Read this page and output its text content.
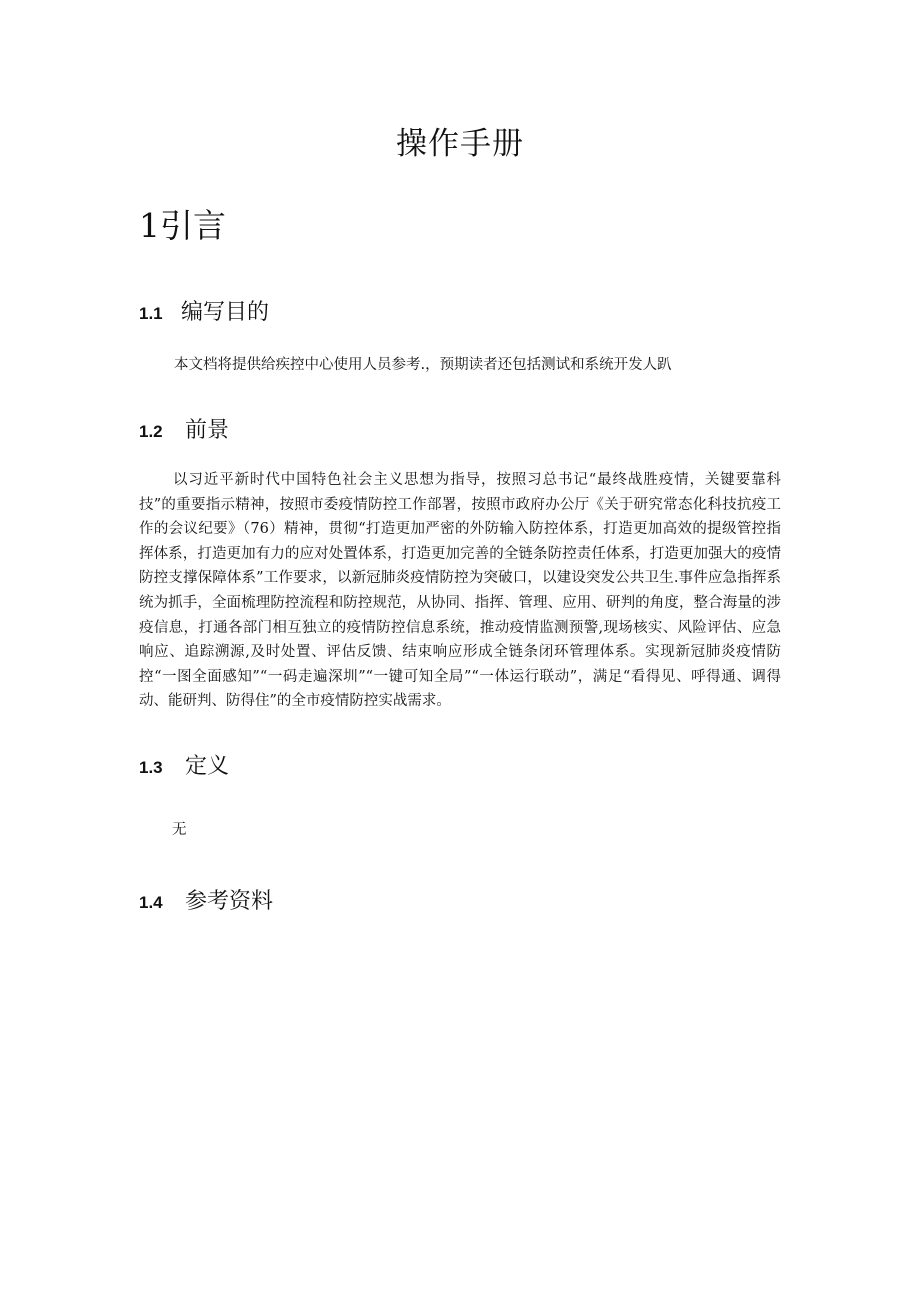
操作手册
1引言
1.1 编写目的

本文档将提供给疾控中心使用人员参考.，预期读者还包括测试和系统开发人趴

1.2	前景

以习近平新时代中国特色社会主义思想为指导，按照习总书记“最终战胜疫情，关键要靠科技”的重要指示精神，按照市委疫情防控工作部署，按照市政府办公厅《关于研究常态化科技抗疫工作的会议纪要》（76）精神，贯彻“打造更加严密的外防输入防控体系，打造更加高效的提级管控指挥体系，打造更加有力的应对处置体系，打造更加完善的全链条防控责任体系，打造更加强大的疫情防控支撑保障体系”工作要求，以新冠肺炎疫情防控为突破口，以建设突发公共卫生.事件应急指挥系统为抓手，全面梳理防控流程和防控规范，从协同、指挥、管理、应用、研判的角度，整合海量的涉疫信息，打通各部门相互独立的疫情防控信息系统，推动疫情监测预警,现场核实、风险评估、应急响应、追踪溯源,及时处置、评估反馈、结束响应形成全链条闭环管理体系。实现新冠肺炎疫情防控“一图全面感知”“一码走遍深圳”“一键可知全局”“一体运行联动”，满足“看得见、呼得通、调得动、能研判、防得住”的全市疫情防控实战需求。

1.3	定义

无

1.4	参考资料
